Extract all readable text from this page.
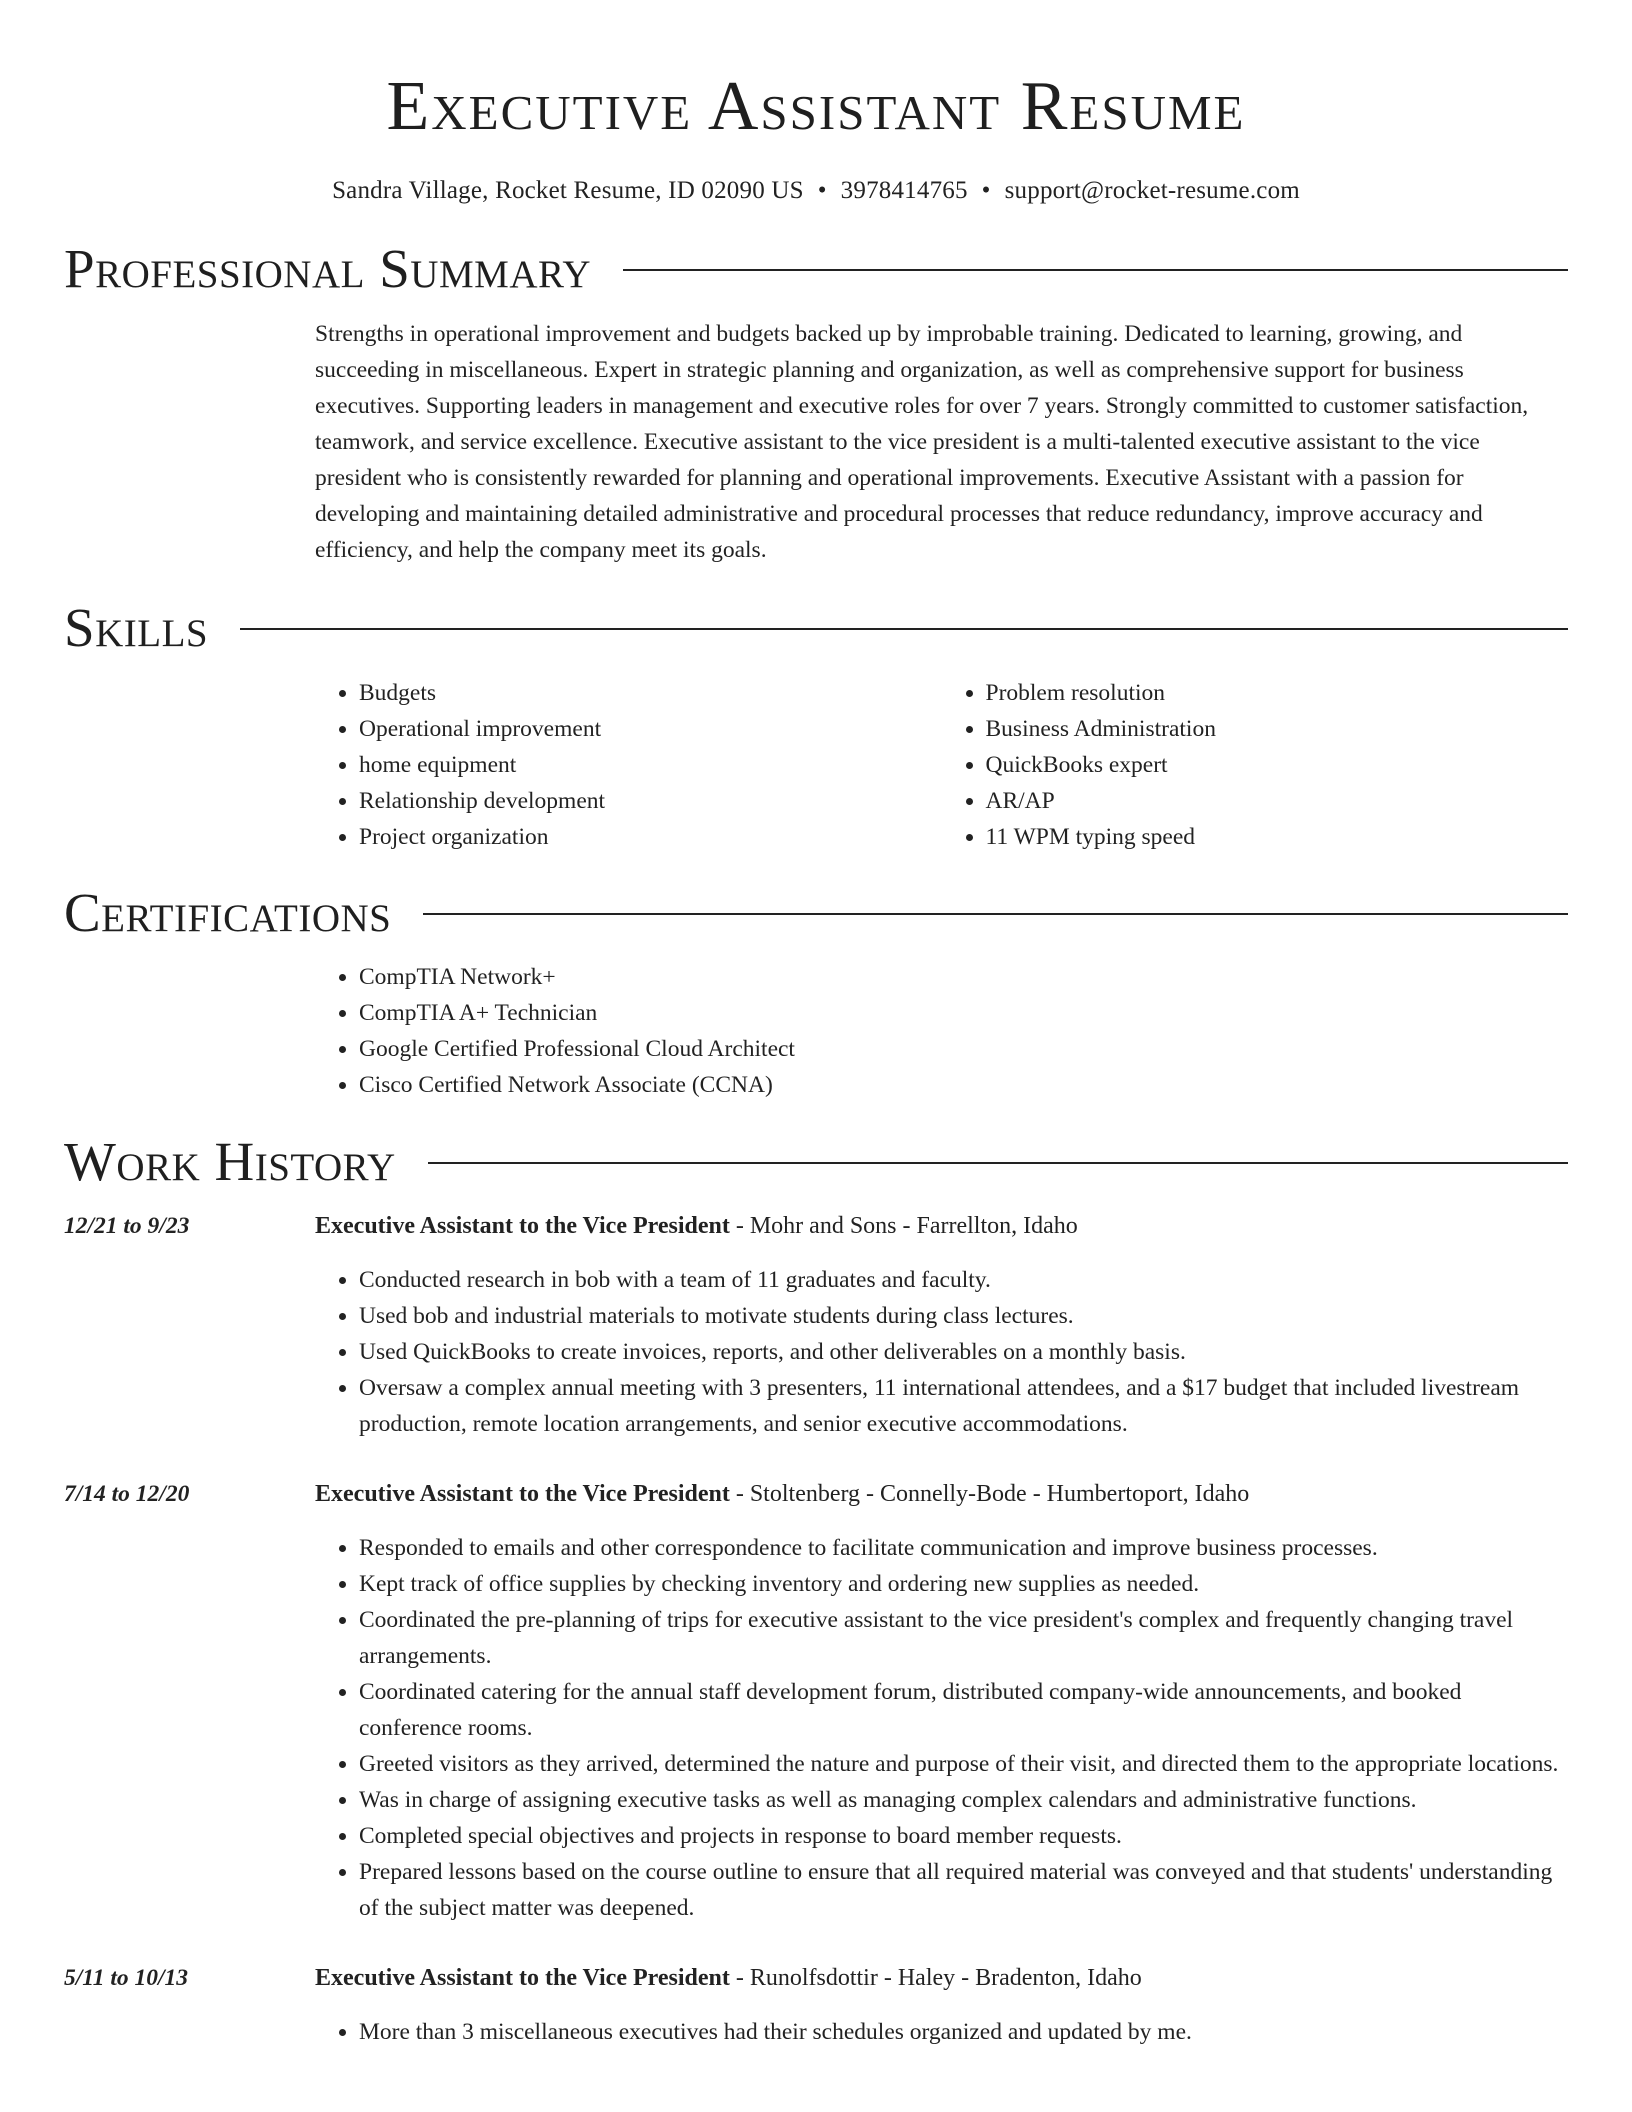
Executive Assistant Resume
Sandra Village, Rocket Resume, ID 02090 US • 3978414765 • support@rocket-resume.com
Professional Summary

Strengths in operational improvement and budgets backed up by improbable training. Dedicated to learning, growing, and succeeding in miscellaneous. Expert in strategic planning and organization, as well as comprehensive support for business executives. Supporting leaders in management and executive roles for over 7 years. Strongly committed to customer satisfaction, teamwork, and service excellence. Executive assistant to the vice president is a multi-talented executive assistant to the vice president who is consistently rewarded for planning and operational improvements. Executive Assistant with a passion for developing and maintaining detailed administrative and procedural processes that reduce redundancy, improve accuracy and efficiency, and help the company meet its goals.

Skills
• Budgets
• Operational improvement
• home equipment
• Relationship development
• Project organization
• Problem resolution
• Business Administration
• QuickBooks expert
• AR/AP
• 11 WPM typing speed
Certifications
• CompTIA Network+
• CompTIA A+ Technician
• Google Certified Professional Cloud Architect
• Cisco Certified Network Associate (CCNA)
Work History
12/21 to 9/23	Executive Assistant to the Vice President - Mohr and Sons - Farrellton, Idaho
• Conducted research in bob with a team of 11 graduates and faculty.
• Used bob and industrial materials to motivate students during class lectures.
• Used QuickBooks to create invoices, reports, and other deliverables on a monthly basis.
• Oversaw a complex annual meeting with 3 presenters, 11 international attendees, and a $17 budget that included livestream production, remote location arrangements, and senior executive accommodations.
7/14 to 12/20	Executive Assistant to the Vice President - Stoltenberg - Connelly-Bode - Humbertoport, Idaho
• Responded to emails and other correspondence to facilitate communication and improve business processes.
• Kept track of office supplies by checking inventory and ordering new supplies as needed.
• Coordinated the pre-planning of trips for executive assistant to the vice president's complex and frequently changing travel arrangements.
• Coordinated catering for the annual staff development forum, distributed company-wide announcements, and booked conference rooms.
• Greeted visitors as they arrived, determined the nature and purpose of their visit, and directed them to the appropriate locations.
• Was in charge of assigning executive tasks as well as managing complex calendars and administrative functions.
• Completed special objectives and projects in response to board member requests.
• Prepared lessons based on the course outline to ensure that all required material was conveyed and that students' understanding of the subject matter was deepened.
5/11 to 10/13	Executive Assistant to the Vice President - Runolfsdottir - Haley - Bradenton, Idaho
• More than 3 miscellaneous executives had their schedules organized and updated by me.
